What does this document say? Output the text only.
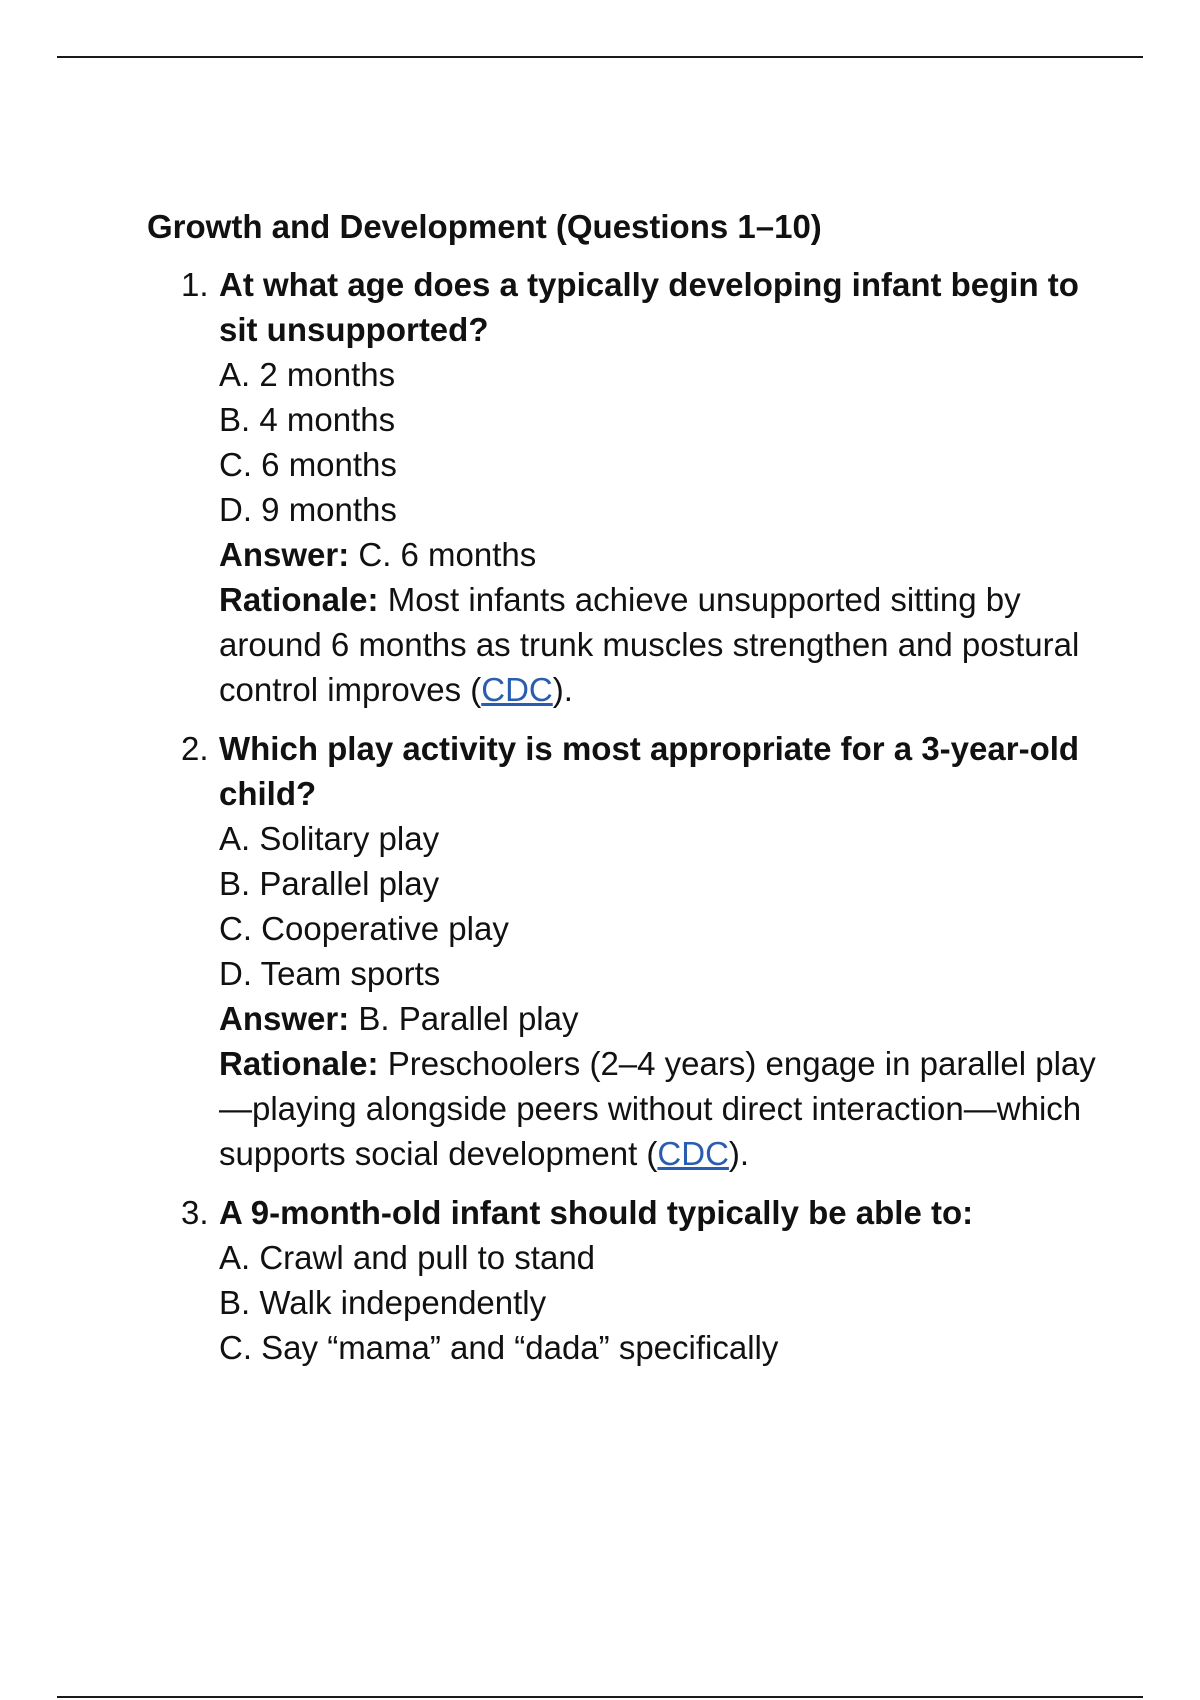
Growth and Development (Questions 1–10)
1. At what age does a typically developing infant begin to sit unsupported?
A. 2 months
B. 4 months
C. 6 months
D. 9 months
Answer: C. 6 months
Rationale: Most infants achieve unsupported sitting by around 6 months as trunk muscles strengthen and postural control improves (CDC).
2. Which play activity is most appropriate for a 3-year-old child?
A. Solitary play
B. Parallel play
C. Cooperative play
D. Team sports
Answer: B. Parallel play
Rationale: Preschoolers (2–4 years) engage in parallel play—playing alongside peers without direct interaction—which supports social development (CDC).
3. A 9-month-old infant should typically be able to:
A. Crawl and pull to stand
B. Walk independently
C. Say “mama” and “dada” specifically
